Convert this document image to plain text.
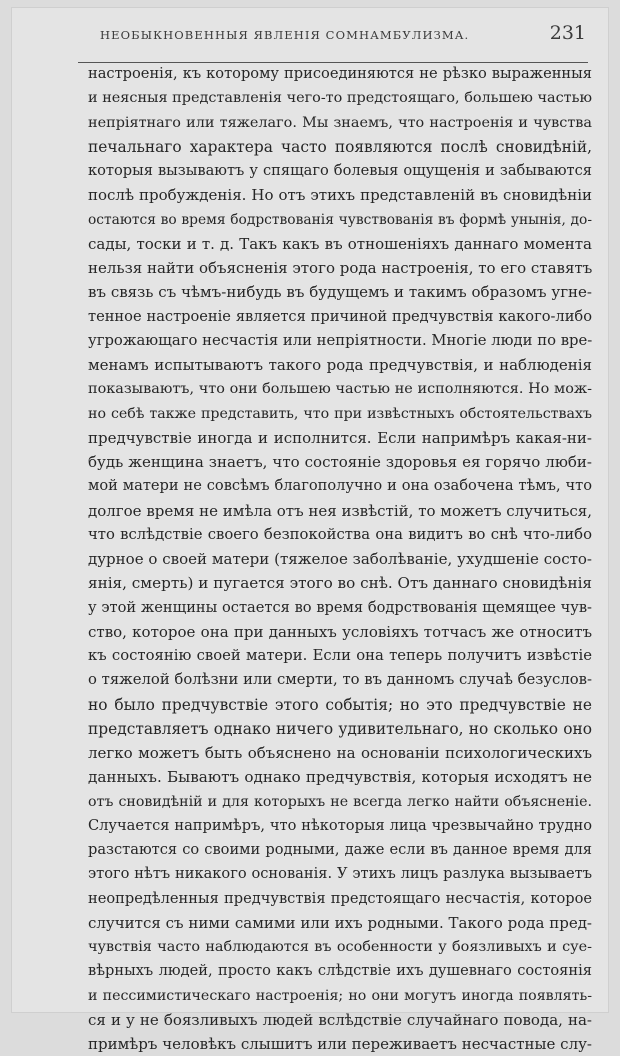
НЕОБЫКНОВЕННЫЯ ЯВЛЕНІЯ СОМНАМБУЛИЗМА.	231
настроенія, къ которому присоединяются не рѣзко выраженныя
и неясныя представленія чего-то предстоящаго, большею частью
непріятнаго или тяжелаго. Мы знаемъ, что настроенія и чувства
печальнаго характера часто появляются послѣ сновидѣній,
которыя вызываютъ у спящаго болевыя ощущенія и забываются
послѣ пробужденія. Но отъ этихъ представленій въ сновидѣніи
остаются во время бодрствованія чувствованія въ формѣ унынія, до-
сады, тоски и т. д. Такъ какъ въ отношеніяхъ даннаго момента
нельзя найти объясненія этого рода настроенія, то его ставятъ
въ связь съ чѣмъ-нибудь въ будущемъ и такимъ образомъ угне-
тенное настроеніе является причиной предчувствія какого-либо
угрожающаго несчастія или непріятности. Многіе люди по вре-
менамъ испытываютъ такого рода предчувствія, и наблюденія
показываютъ, что они большею частью не исполняются. Но мож-
но себѣ также представить, что при извѣстныхъ обстоятельствахъ
предчувствіе иногда и исполнится. Если напримѣръ какая-ни-
будь женщина знаетъ, что состояніе здоровья ея горячо люби-
мой матери не совсѣмъ благополучно и она озабочена тѣмъ, что
долгое время не имѣла отъ нея извѣстій, то можетъ случиться,
что вслѣдствіе своего безпокойства она видитъ во снѣ что-либо
дурное о своей матери (тяжелое заболѣваніе, ухудшеніе состо-
янія, смерть) и пугается этого во снѣ. Отъ даннаго сновидѣнія
у этой женщины остается во время бодрствованія щемящее чув-
ство, которое она при данныхъ условіяхъ тотчасъ же относитъ
къ состоянію своей матери. Если она теперь получитъ извѣстіе
о тяжелой болѣзни или смерти, то въ данномъ случаѣ безуслов-
но было предчувствіе этого событія; но это предчувствіе не
представляетъ однако ничего удивительнаго, но сколько оно
легко можетъ быть объяснено на основаніи психологическихъ
данныхъ. Бываютъ однако предчувствія, которыя исходятъ не
отъ сновидѣній и для которыхъ не всегда легко найти объясненіе.
Случается напримѣръ, что нѣкоторыя лица чрезвычайно трудно
разстаются со своими родными, даже если въ данное время для
этого нѣтъ никакого основанія. У этихъ лицъ разлука вызываетъ
неопредѣленныя предчувствія предстоящаго несчастія, которое
случится съ ними самими или ихъ родными. Такого рода пред-
чувствія часто наблюдаются въ особенности у боязливыхъ и суе-
вѣрныхъ людей, просто какъ слѣдствіе ихъ душевнаго состоянія
и пессимистическаго настроенія; но они могутъ иногда появлять-
ся и у не боязливыхъ людей вслѣдствіе случайнаго повода, на-
примѣръ человѣкъ слышитъ или переживаетъ несчастные слу-
